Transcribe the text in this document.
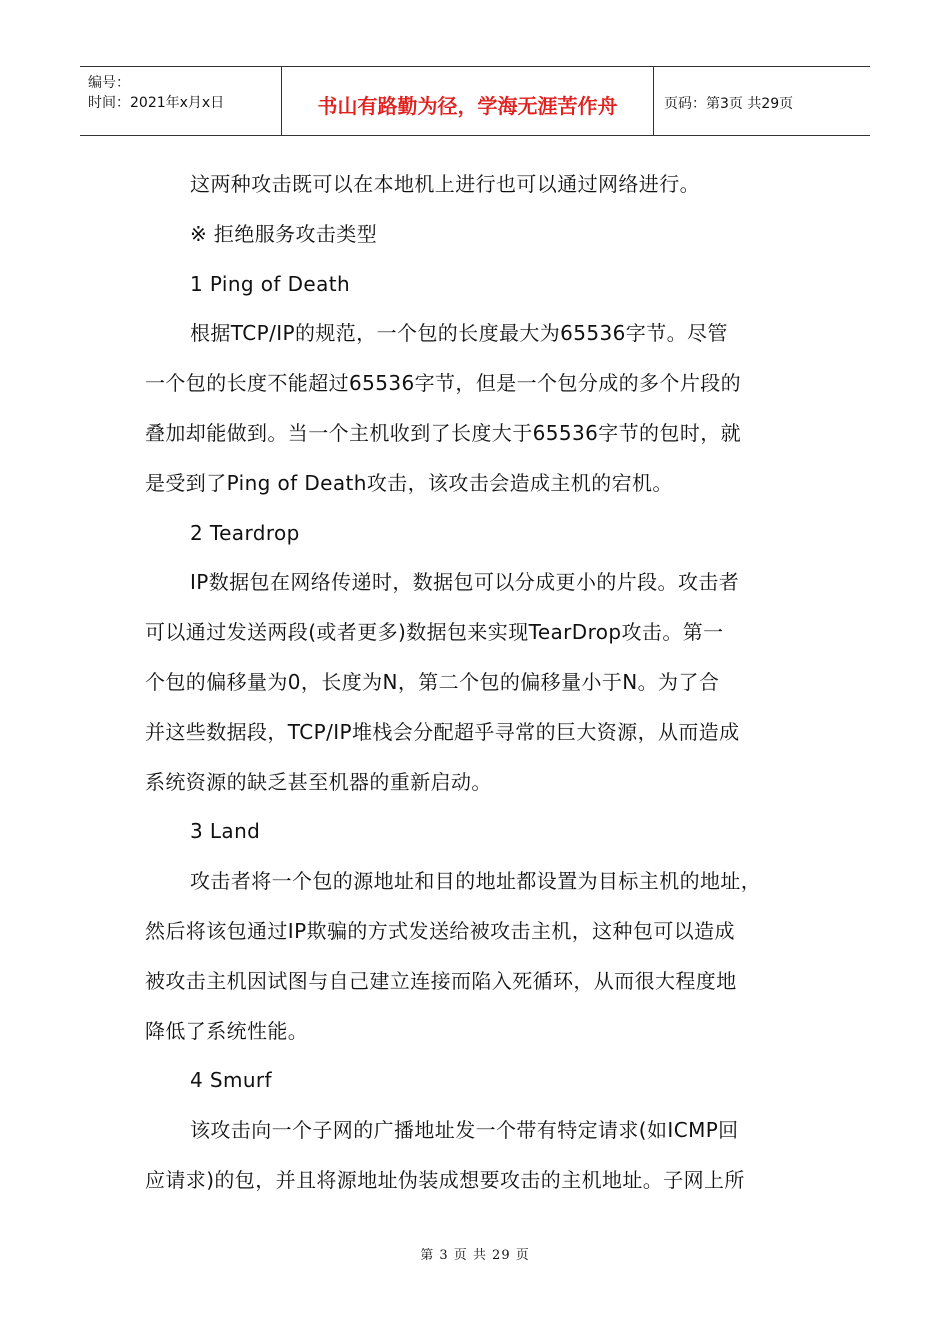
编号：
时间：2021年x月x日	书山有路勤为径，学海无涯苦作舟	页码：第3页 共29页

这两种攻击既可以在本地机上进行也可以通过网络进行。

※ 拒绝服务攻击类型

1 Ping of Death

根据TCP/IP的规范，一个包的长度最大为65536字节。尽管

一个包的长度不能超过65536字节，但是一个包分成的多个片段的

叠加却能做到。当一个主机收到了长度大于65536字节的包时，就

是受到了Ping of Death攻击，该攻击会造成主机的宕机。

2 Teardrop

IP数据包在网络传递时，数据包可以分成更小的片段。攻击者

可以通过发送两段(或者更多)数据包来实现TearDrop攻击。第一

个包的偏移量为0，长度为N，第二个包的偏移量小于N。为了合

并这些数据段，TCP/IP堆栈会分配超乎寻常的巨大资源，从而造成

系统资源的缺乏甚至机器的重新启动。

3 Land

攻击者将一个包的源地址和目的地址都设置为目标主机的地址，

然后将该包通过IP欺骗的方式发送给被攻击主机，这种包可以造成

被攻击主机因试图与自己建立连接而陷入死循环，从而很大程度地

降低了系统性能。

4 Smurf

该攻击向一个子网的广播地址发一个带有特定请求(如ICMP回

应请求)的包，并且将源地址伪装成想要攻击的主机地址。子网上所

第 3 页 共 29 页
